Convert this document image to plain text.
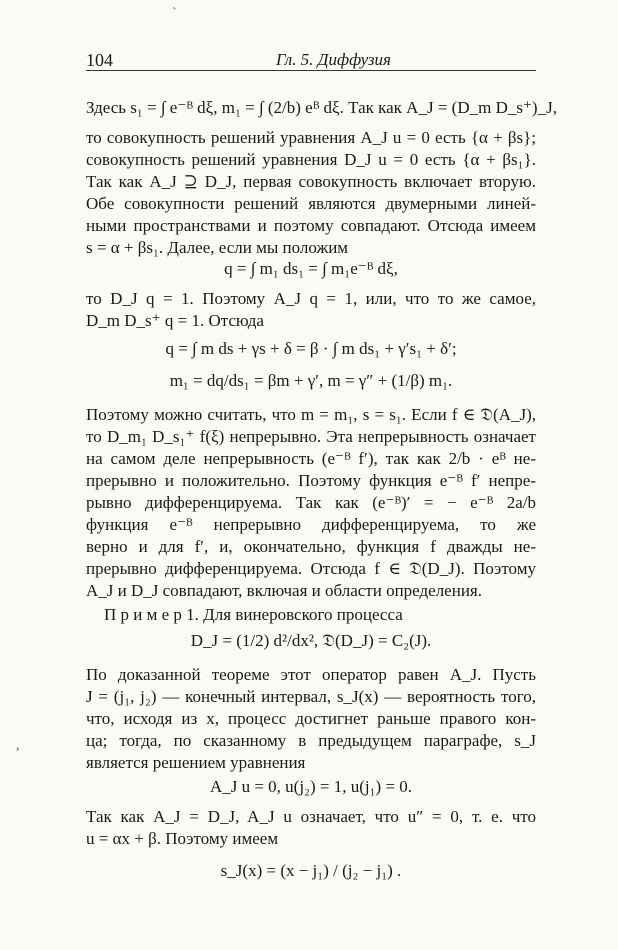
104	Гл. 5. Диффузия
`
,
Здесь s₁ = ∫ e⁻ᴮ dξ, m₁ = ∫ (2/b) eᴮ dξ. Так как A_J = (D_m D_s⁺)_J,
то совокупность решений уравнения A_J u = 0 есть {α + βs};
совокупность решений уравнения D_J u = 0 есть {α + βs₁}.
Так как A_J ⊇ D_J, первая совокупность включает вторую.
Обе совокупности решений являются двумерными линей-
ными пространствами и поэтому совпадают. Отсюда имеем
s = α + βs₁. Далее, если мы положим
q = ∫ m₁ ds₁ = ∫ m₁e⁻ᴮ dξ,
то D_J q = 1. Поэтому A_J q = 1, или, что то же самое,
D_m D_s⁺ q = 1. Отсюда
q = ∫ m ds + γs + δ = β · ∫ m ds₁ + γ′s₁ + δ′;
m₁ = dq/ds₁ = βm + γ′, m = γ″ + (1/β) m₁.
Поэтому можно считать, что m = m₁, s = s₁. Если f ∈ 𝔇(A_J),
то D_m₁ D_s₁⁺ f(ξ) непрерывно. Эта непрерывность означает
на самом деле непрерывность (e⁻ᴮ f′), так как 2/b · eᴮ не-
прерывно и положительно. Поэтому функция e⁻ᴮ f′ непре-
рывно дифференцируема. Так как (e⁻ᴮ)′ = − e⁻ᴮ 2a/b
функция e⁻ᴮ непрерывно дифференцируема, то же
верно и для f′, и, окончательно, функция f дважды не-
прерывно дифференцируема. Отсюда f ∈ 𝔇(D_J). Поэтому
A_J и D_J совпадают, включая и области определения.
П р и м е р 1. Для винеровского процесса
D_J = (1/2) d²/dx², 𝔇(D_J) = C₂(J).
По доказанной теореме этот оператор равен A_J. Пусть
J = (j₁, j₂) — конечный интервал, s_J(x) — вероятность того,
что, исходя из x, процесс достигнет раньше правого кон-
ца; тогда, по сказанному в предыдущем параграфе, s_J
является решением уравнения
A_J u = 0, u(j₂) = 1, u(j₁) = 0.
Так как A_J = D_J, A_J u означает, что u″ = 0, т. е. что
u = αx + β. Поэтому имеем
s_J(x) = (x − j₁) / (j₂ − j₁) .
